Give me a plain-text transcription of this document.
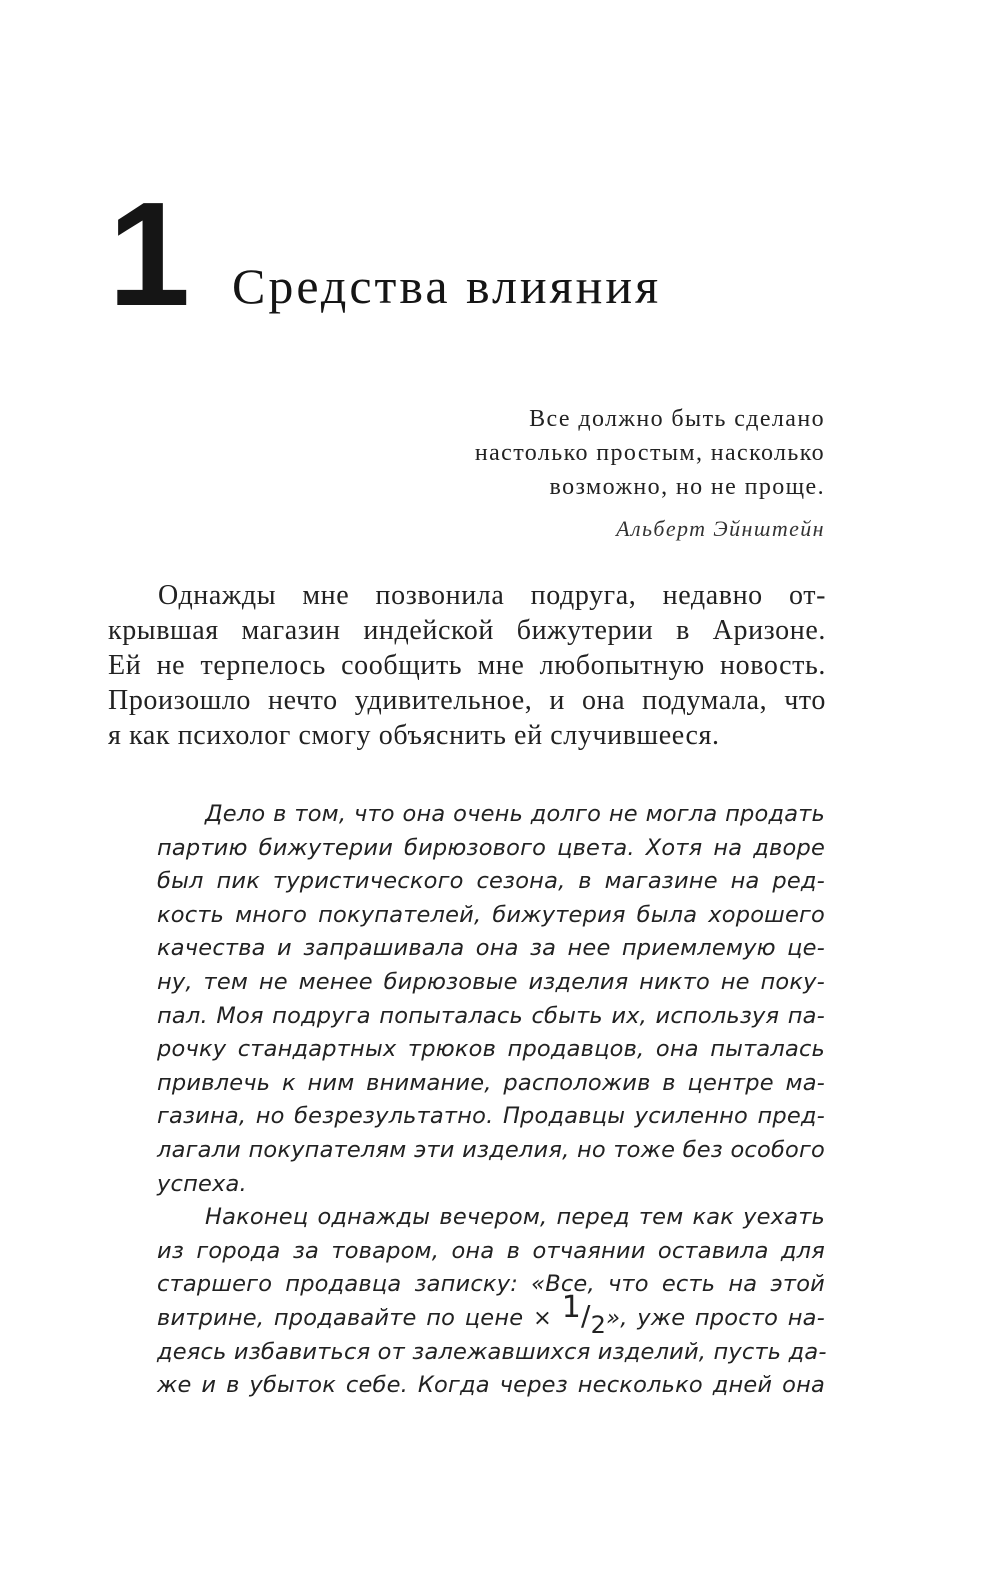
1 Средства влияния
Все должно быть сделано
настолько простым, насколько
возможно, но не проще.
Альберт Эйнштейн
Однажды мне позвонила подруга, недавно от-
крывшая магазин индейской бижутерии в Аризоне.
Ей не терпелось сообщить мне любопытную новость.
Произошло нечто удивительное, и она подумала, что
я как психолог смогу объяснить ей случившееся.
Дело в том, что она очень долго не могла продать
партию бижутерии бирюзового цвета. Хотя на дворе
был пик туристического сезона, в магазине на ред-
кость много покупателей, бижутерия была хорошего
качества и запрашивала она за нее приемлемую це-
ну, тем не менее бирюзовые изделия никто не поку-
пал. Моя подруга попыталась сбыть их, используя па-
рочку стандартных трюков продавцов, она пыталась
привлечь к ним внимание, расположив в центре ма-
газина, но безрезультатно. Продавцы усиленно пред-
лагали покупателям эти изделия, но тоже без особого
успеха.
Наконец однажды вечером, перед тем как уехать
из города за товаром, она в отчаянии оставила для
старшего продавца записку: «Все, что есть на этой
витрине, продавайте по цене × 1/2», уже просто на-
деясь избавиться от залежавшихся изделий, пусть да-
же и в убыток себе. Когда через несколько дней она
